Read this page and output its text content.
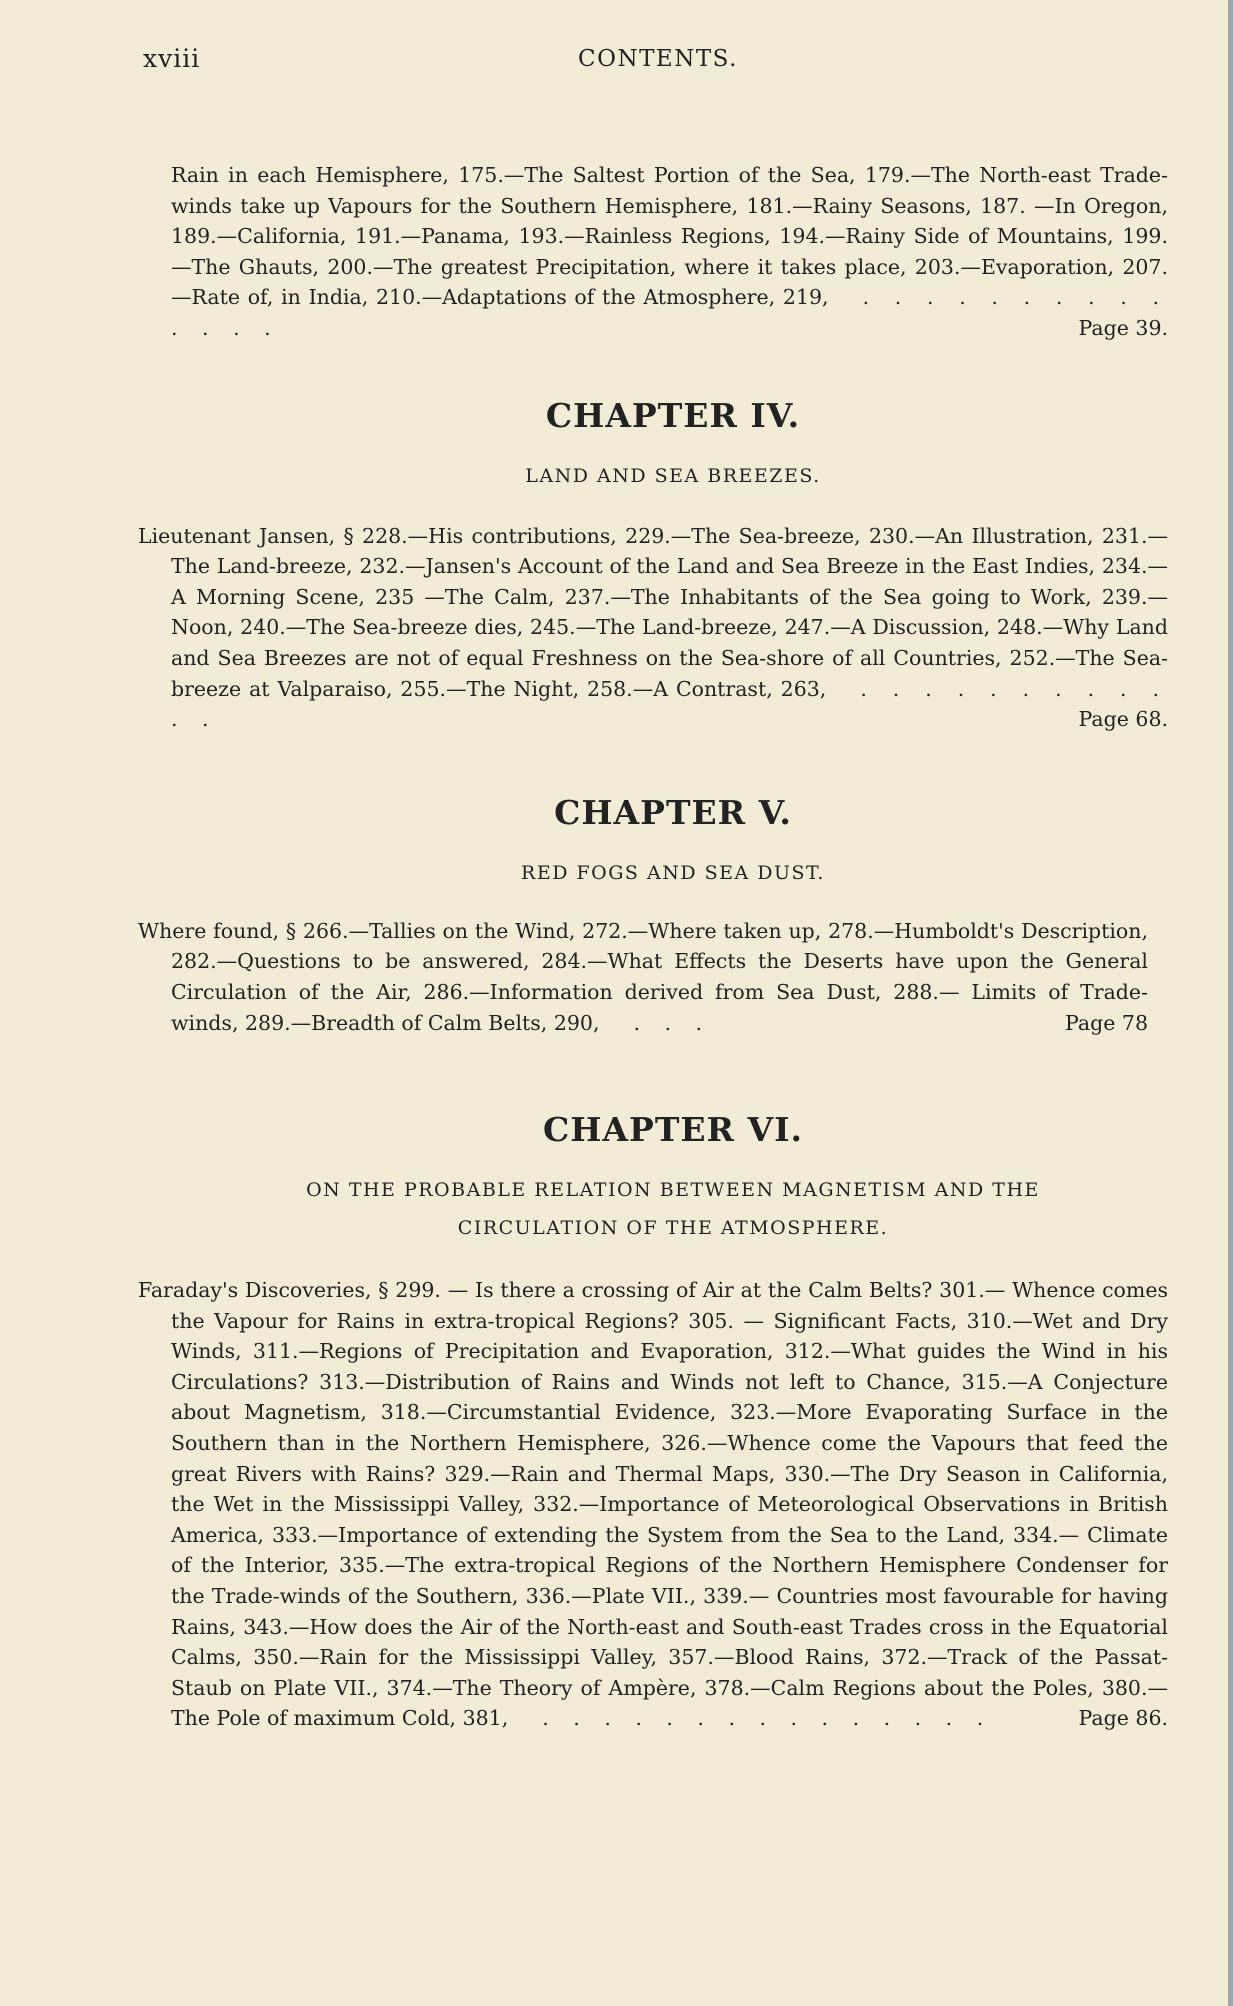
xviii	CONTENTS.

Rain in each Hemisphere, 175.—The Saltest Portion of the Sea, 179.—The North-east Trade-winds take up Vapours for the Southern Hemisphere, 181.—Rainy Seasons, 187. —In Oregon, 189.—California, 191.—Panama, 193.—Rainless Regions, 194.—Rainy Side of Mountains, 199.—The Ghauts, 200.—The greatest Precipitation, where it takes place, 203.—Evaporation, 207.—Rate of, in India, 210.—Adaptations of the Atmosphere, 219, . . . . . . . . . . . . . .	Page 39.

CHAPTER IV.

LAND AND SEA BREEZES.

Lieutenant Jansen, § 228.—His contributions, 229.—The Sea-breeze, 230.—An Illustration, 231.—The Land-breeze, 232.—Jansen's Account of the Land and Sea Breeze in the East Indies, 234.—A Morning Scene, 235 —The Calm, 237.—The Inhabitants of the Sea going to Work, 239.—Noon, 240.—The Sea-breeze dies, 245.—The Land-breeze, 247.—A Discussion, 248.—Why Land and Sea Breezes are not of equal Freshness on the Sea-shore of all Countries, 252.—The Sea-breeze at Valparaiso, 255.—The Night, 258.—A Contrast, 263, . . . . . . . . . . . .	Page 68.

CHAPTER V.

RED FOGS AND SEA DUST.

Where found, § 266.—Tallies on the Wind, 272.—Where taken up, 278.—Humboldt's Description, 282.—Questions to be answered, 284.—What Effects the Deserts have upon the General Circulation of the Air, 286.—Information derived from Sea Dust, 288.— Limits of Trade-winds, 289.—Breadth of Calm Belts, 290, . . .	Page 78

CHAPTER VI.

ON THE PROBABLE RELATION BETWEEN MAGNETISM AND THE CIRCULATION OF THE ATMOSPHERE.

Faraday's Discoveries, § 299. — Is there a crossing of Air at the Calm Belts? 301.— Whence comes the Vapour for Rains in extra-tropical Regions? 305. — Significant Facts, 310.—Wet and Dry Winds, 311.—Regions of Precipitation and Evaporation, 312.—What guides the Wind in his Circulations? 313.—Distribution of Rains and Winds not left to Chance, 315.—A Conjecture about Magnetism, 318.—Circumstantial Evidence, 323.—More Evaporating Surface in the Southern than in the Northern Hemisphere, 326.—Whence come the Vapours that feed the great Rivers with Rains? 329.—Rain and Thermal Maps, 330.—The Dry Season in California, the Wet in the Mississippi Valley, 332.—Importance of Meteorological Observations in British America, 333.—Importance of extending the System from the Sea to the Land, 334.— Climate of the Interior, 335.—The extra-tropical Regions of the Northern Hemisphere Condenser for the Trade-winds of the Southern, 336.—Plate VII., 339.— Countries most favourable for having Rains, 343.—How does the Air of the North-east and South-east Trades cross in the Equatorial Calms, 350.—Rain for the Mississippi Valley, 357.—Blood Rains, 372.—Track of the Passat-Staub on Plate VII., 374.—The Theory of Ampère, 378.—Calm Regions about the Poles, 380.—The Pole of maximum Cold, 381, . . . . . . . . . . . . . . .	Page 86.
